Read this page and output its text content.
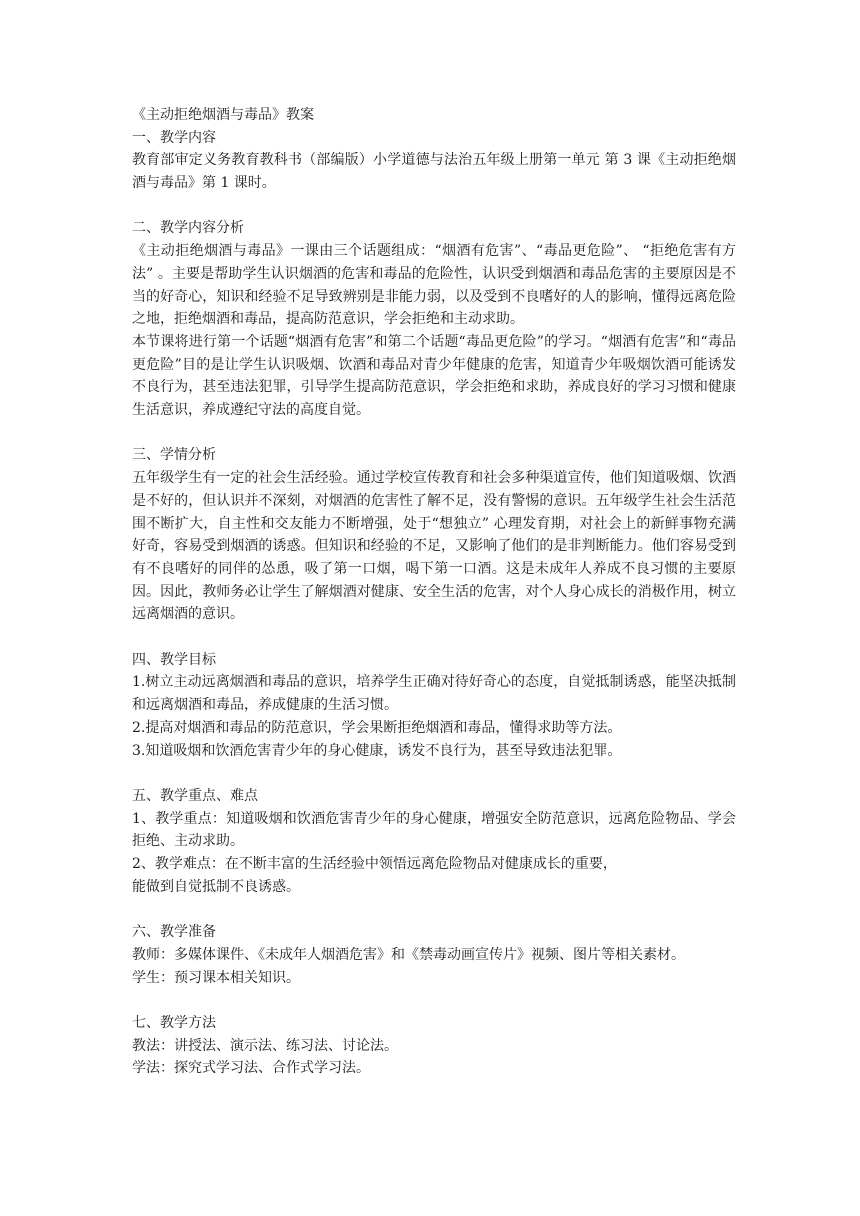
《主动拒绝烟酒与毒品》教案
一、教学内容
教育部审定义务教育教科书（部编版）小学道德与法治五年级上册第一单元 第 3 课《主动拒绝烟酒与毒品》第 1 课时。
二、教学内容分析
《主动拒绝烟酒与毒品》一课由三个话题组成：“烟酒有危害”、“毒品更危险”、 “拒绝危害有方法” 。主要是帮助学生认识烟酒的危害和毒品的危险性，认识受到烟酒和毒品危害的主要原因是不当的好奇心，知识和经验不足导致辨别是非能力弱，以及受到不良嗜好的人的影响，懂得远离危险之地，拒绝烟酒和毒品，提高防范意识，学会拒绝和主动求助。
本节课将进行第一个话题“烟酒有危害”和第二个话题“毒品更危险”的学习。“烟酒有危害”和“毒品更危险”目的是让学生认识吸烟、饮酒和毒品对青少年健康的危害，知道青少年吸烟饮酒可能诱发不良行为，甚至违法犯罪，引导学生提高防范意识，学会拒绝和求助，养成良好的学习习惯和健康生活意识，养成遵纪守法的高度自觉。
三、学情分析
五年级学生有一定的社会生活经验。通过学校宣传教育和社会多种渠道宣传，他们知道吸烟、饮酒是不好的，但认识并不深刻，对烟酒的危害性了解不足，没有警惕的意识。五年级学生社会生活范围不断扩大，自主性和交友能力不断增强，处于“想独立” 心理发育期，对社会上的新鲜事物充满好奇，容易受到烟酒的诱惑。但知识和经验的不足，又影响了他们的是非判断能力。他们容易受到有不良嗜好的同伴的怂恿，吸了第一口烟，喝下第一口酒。这是未成年人养成不良习惯的主要原因。因此，教师务必让学生了解烟酒对健康、安全生活的危害，对个人身心成长的消极作用，树立远离烟酒的意识。
四、教学目标
1.树立主动远离烟酒和毒品的意识，培养学生正确对待好奇心的态度，自觉抵制诱惑，能坚决抵制和远离烟酒和毒品，养成健康的生活习惯。
2.提高对烟酒和毒品的防范意识，学会果断拒绝烟酒和毒品，懂得求助等方法。
3.知道吸烟和饮酒危害青少年的身心健康，诱发不良行为，甚至导致违法犯罪。
五、教学重点、难点
1、教学重点：知道吸烟和饮酒危害青少年的身心健康，增强安全防范意识，远离危险物品、学会拒绝、主动求助。
2、教学难点：在不断丰富的生活经验中领悟远离危险物品对健康成长的重要，
能做到自觉抵制不良诱惑。
六、教学准备
教师：多媒体课件、《未成年人烟酒危害》和《禁毒动画宣传片》视频、图片等相关素材。
学生：预习课本相关知识。
七、教学方法
教法：讲授法、演示法、练习法、讨论法。
学法：探究式学习法、合作式学习法。
